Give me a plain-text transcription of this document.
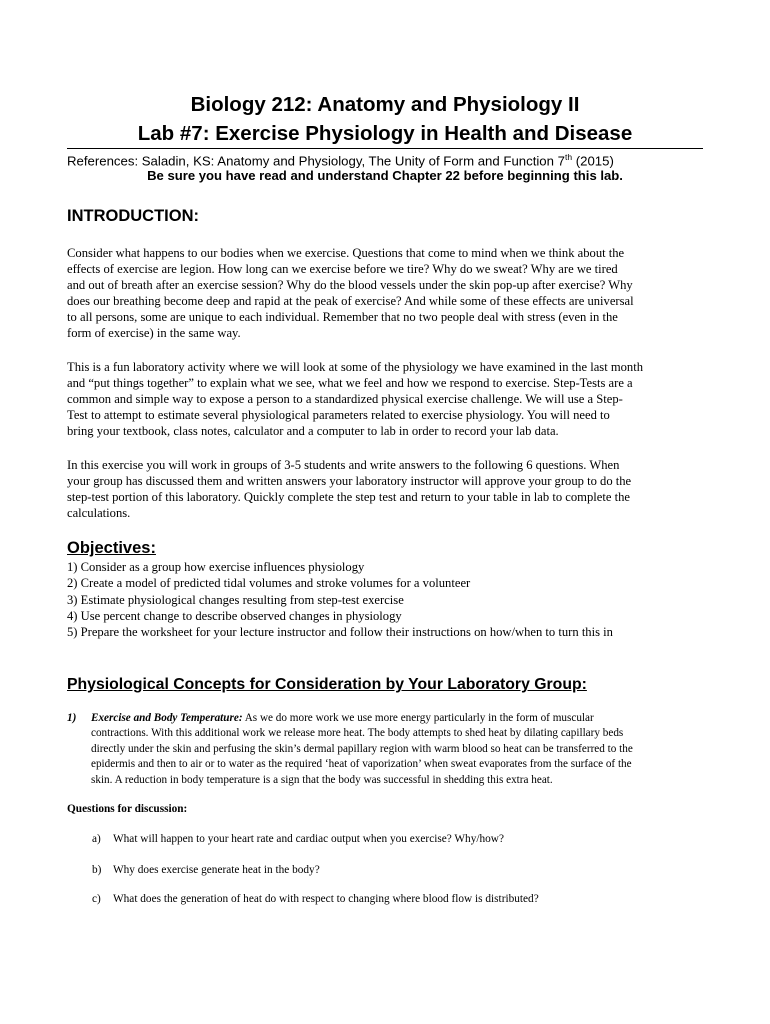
Biology 212: Anatomy and Physiology II
Lab #7: Exercise Physiology in Health and Disease
References: Saladin, KS: Anatomy and Physiology, The Unity of Form and Function 7th (2015)
Be sure you have read and understand Chapter 22 before beginning this lab.
INTRODUCTION:
Consider what happens to our bodies when we exercise. Questions that come to mind when we think about the
effects of exercise are legion. How long can we exercise before we tire? Why do we sweat? Why are we tired
and out of breath after an exercise session? Why do the blood vessels under the skin pop-up after exercise? Why
does our breathing become deep and rapid at the peak of exercise? And while some of these effects are universal
to all persons, some are unique to each individual. Remember that no two people deal with stress (even in the
form of exercise) in the same way.
This is a fun laboratory activity where we will look at some of the physiology we have examined in the last month
and “put things together” to explain what we see, what we feel and how we respond to exercise. Step-Tests are a
common and simple way to expose a person to a standardized physical exercise challenge. We will use a Step-
Test to attempt to estimate several physiological parameters related to exercise physiology. You will need to
bring your textbook, class notes, calculator and a computer to lab in order to record your lab data.
In this exercise you will work in groups of 3-5 students and write answers to the following 6 questions. When
your group has discussed them and written answers your laboratory instructor will approve your group to do the
step-test portion of this laboratory. Quickly complete the step test and return to your table in lab to complete the
calculations.
Objectives:
1) Consider as a group how exercise influences physiology
2) Create a model of predicted tidal volumes and stroke volumes for a volunteer
3) Estimate physiological changes resulting from step-test exercise
4) Use percent change to describe observed changes in physiology
5) Prepare the worksheet for your lecture instructor and follow their instructions on how/when to turn this in
Physiological Concepts for Consideration by Your Laboratory Group:
1) Exercise and Body Temperature: As we do more work we use more energy particularly in the form of muscular
contractions. With this additional work we release more heat. The body attempts to shed heat by dilating capillary beds
directly under the skin and perfusing the skin’s dermal papillary region with warm blood so heat can be transferred to the
epidermis and then to air or to water as the required ‘heat of vaporization’ when sweat evaporates from the surface of the
skin. A reduction in body temperature is a sign that the body was successful in shedding this extra heat.
Questions for discussion:
a) What will happen to your heart rate and cardiac output when you exercise? Why/how?
b) Why does exercise generate heat in the body?
c) What does the generation of heat do with respect to changing where blood flow is distributed?
